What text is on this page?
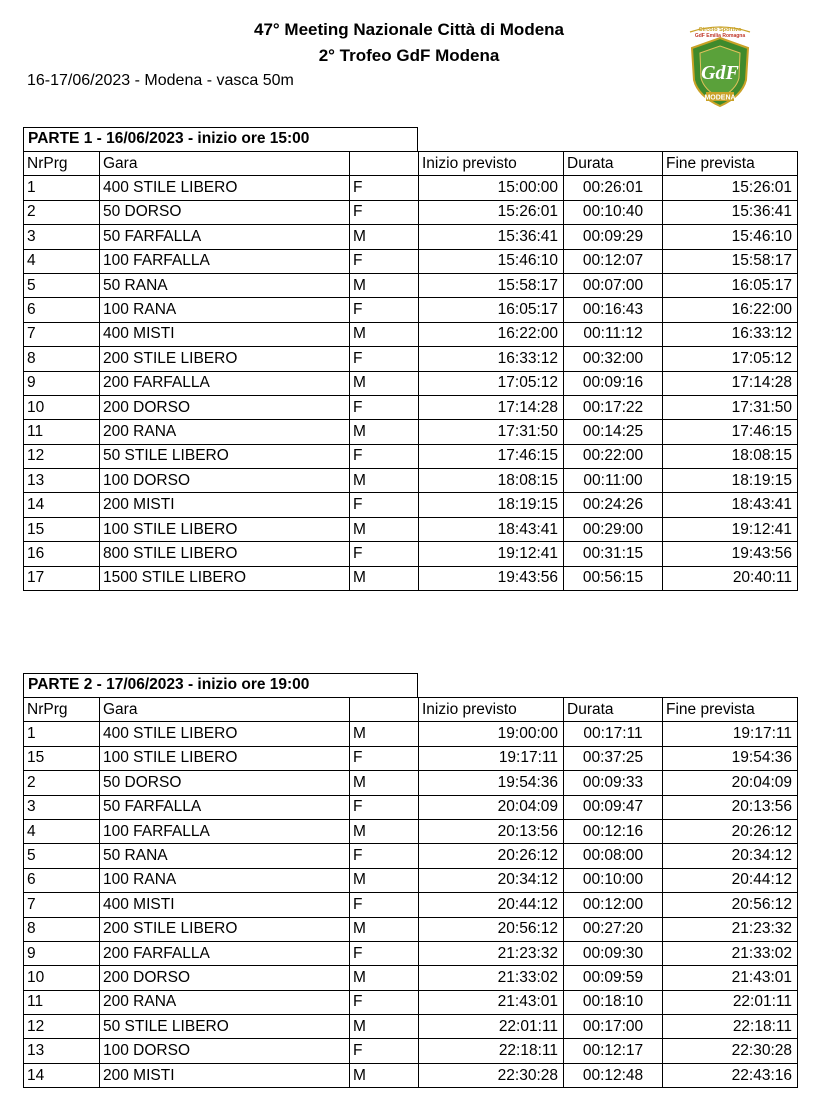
47° Meeting Nazionale Città di Modena
2° Trofeo GdF Modena
16-17/06/2023 - Modena - vasca 50m
Circolo Sportivo
GdF Emilia Romagna
GdF
MODENA
PARTE 1 - 16/06/2023 - inizio ore 15:00
NrPrg	Gara		Inizio previsto	Durata	Fine prevista
1	400 STILE LIBERO	F	15:00:00	00:26:01	15:26:01
2	50 DORSO	F	15:26:01	00:10:40	15:36:41
3	50 FARFALLA	M	15:36:41	00:09:29	15:46:10
4	100 FARFALLA	F	15:46:10	00:12:07	15:58:17
5	50 RANA	M	15:58:17	00:07:00	16:05:17
6	100 RANA	F	16:05:17	00:16:43	16:22:00
7	400 MISTI	M	16:22:00	00:11:12	16:33:12
8	200 STILE LIBERO	F	16:33:12	00:32:00	17:05:12
9	200 FARFALLA	M	17:05:12	00:09:16	17:14:28
10	200 DORSO	F	17:14:28	00:17:22	17:31:50
11	200 RANA	M	17:31:50	00:14:25	17:46:15
12	50 STILE LIBERO	F	17:46:15	00:22:00	18:08:15
13	100 DORSO	M	18:08:15	00:11:00	18:19:15
14	200 MISTI	F	18:19:15	00:24:26	18:43:41
15	100 STILE LIBERO	M	18:43:41	00:29:00	19:12:41
16	800 STILE LIBERO	F	19:12:41	00:31:15	19:43:56
17	1500 STILE LIBERO	M	19:43:56	00:56:15	20:40:11
PARTE 2 - 17/06/2023 - inizio ore 19:00
NrPrg	Gara		Inizio previsto	Durata	Fine prevista
1	400 STILE LIBERO	M	19:00:00	00:17:11	19:17:11
15	100 STILE LIBERO	F	19:17:11	00:37:25	19:54:36
2	50 DORSO	M	19:54:36	00:09:33	20:04:09
3	50 FARFALLA	F	20:04:09	00:09:47	20:13:56
4	100 FARFALLA	M	20:13:56	00:12:16	20:26:12
5	50 RANA	F	20:26:12	00:08:00	20:34:12
6	100 RANA	M	20:34:12	00:10:00	20:44:12
7	400 MISTI	F	20:44:12	00:12:00	20:56:12
8	200 STILE LIBERO	M	20:56:12	00:27:20	21:23:32
9	200 FARFALLA	F	21:23:32	00:09:30	21:33:02
10	200 DORSO	M	21:33:02	00:09:59	21:43:01
11	200 RANA	F	21:43:01	00:18:10	22:01:11
12	50 STILE LIBERO	M	22:01:11	00:17:00	22:18:11
13	100 DORSO	F	22:18:11	00:12:17	22:30:28
14	200 MISTI	M	22:30:28	00:12:48	22:43:16
